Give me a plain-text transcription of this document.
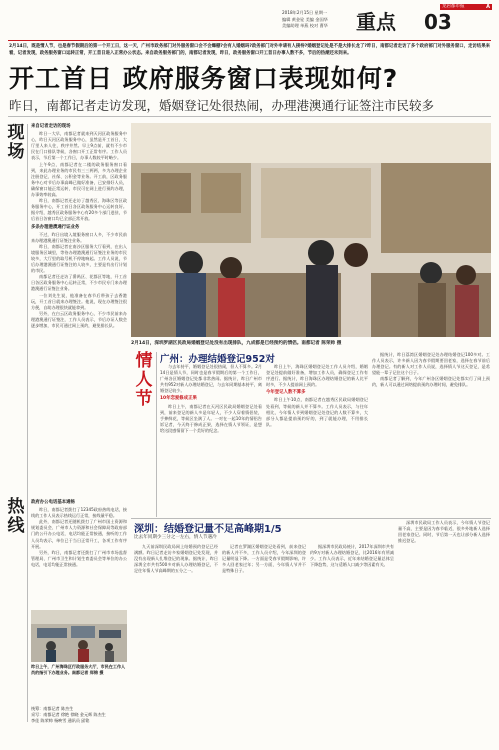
龙岩都市报	A
2018年2月15日 星期一
编辑 黄金铨 美编 金国华
美编助理 单燕 校对 曹华 重点 03
2月14日，既是情人节，也是春节假期后的第一个开工日，这一天，广州市政务部门对外服务窗口会不会爆棚?会有人婚姻吗?政务部门对外申请有人接待?婚姻登记处是不是大排长龙了?昨日，南都记者走访了多个政府部门对外服务窗口，走访结果来看，记者发现，政务服务窗口运转正常，开工首日进入正常办公状态。来自政务服务部门的，南都记者发现，昨日，政务服务窗口开工首日办事人数不多，节后的热潮还未到来。
开工首日 政府服务窗口表现如何?
昨日，南都记者走访发现，婚姻登记处很热闹，办理港澳通行证签注市民较多
现场
来自记者走访的现场

昨日一大早，南都记者就来到天河区政务服务中心，昨日天河区政务服务中心，虽然是开工首日，大厅里人来人往，秩序井然。早上9点前，就有不少市民在门口排队等候，各窗口开工正常有序。工作人员表示，节后第一个工作日，办事人数较平时略少。

上午9点，南都记者在二楼的政务服务窗口看到，来此办理业务的市民有三三两两，多为办理企业注册登记、社保、公积金等业务。开工前，区政务服务中心对节后办事高峰已做好准备，已安排好人员，确保窗口能正常运转，市民可在网上进行预约办理，办事效率较高。

昨日，南都记者还走访了越秀区、海珠区等区政务服务中心，开工首日各区政务服务中心运转良好。据介绍，越秀区政务服务中心有20多个部门进驻，节后首日各窗口均已全部正常开放。

多条办理港澳通行证业务

不过，昨日出境入境服务窗口人多，不少市民前来办理港澳通行证签注业务。

昨日，南都记者在南沙区服务大厅看到，在出入境服务区域里，等待办理港澳通行证签注业务的市民较多，大厅里的取号机不停地响起。工作人员说，节后办理港澳通行证签注的人较多，主要是有出行计划的市民。

南都记者还走访了番禺区、花都区等地，开工首日各区政务服务中心运转正常，不少市民专门来办理港澳通行证签注业务。

一位刘先生说，他准备在春节后带孩子去香港玩，开工首日就来办理签注。他说，现在办理签注很方便，自助办理很快就能拿到。

另外，在白云区政务服务中心，不少市民前来办理港澳通行证签注，工作人员表示，节后办证人数会逐步增加，市民可通过网上预约，避免排长队。

热线
政府办公电话基本通畅

昨日，南都记者拨打了12345政府热线电话，接线的工作人员表示热线运行正常，接线量平稳。

此外，南都记者还随机拨打了广州市国土资源和规划委员会、广州市人力资源和社会保障局等政府部门的公开办公电话，电话均能正常接通，接听的工作人员均表示，单位已于当日正常开工，各项工作有序开展。

另外，昨日，南都记者还拨打了广州市市场监督管理局、广州市卫生和计划生育委员会等单位的办公电话，电话均能正常接通。

昨日上午，广州海珠区行政服务大厅，市民在工作人员的指引下办理业务。南都记者 郑锦 摄
统筹：南都记者 陈杰生
采写：南都记者 徐艳 徐晓 金元辉 陈杰生
李佳 陈荣帅 杨映雪 通讯员 邱铭
2月14日，深圳罗湖区民政局婚姻登记处没有出现排队，九成都是已经预约的情侣。南都记者 陈荣帅 摄
情人节
广州：办理结婚登记952对

与去年持平，婚姻登记处很热闹，但人不算多。2月14日是情人节，同时也是春节假期后的第一个工作日，广州各区婚姻登记处都非常热闹。据统计，昨日广州市共有952对新人办理结婚登记，与去年同期基本持平，离婚登记较少。

10年恋爱修成正果

昨日上午，南都记者在天河区民政局婚姻登记处看到，前来登记的新人多是年轻人，不少人穿着情侣装，手捧鲜花，等候区坐满了人。一对在一起10年的情侣告诉记者，今天终于修成正果，选择在情人节领证，是想给这段感情留下一个美好的纪念。

昨日上午，海珠区婚姻登记处工作人员介绍，婚姻登记处提前做好准备，增加工作人员，确保登记工作有序进行。据统计，昨日海珠区办理结婚登记的新人比平时多，不少人提前网上预约。

今年登记人数不算多

昨日上午10点，南都记者在越秀区民政局婚姻登记处看到，等候的新人并不算多。工作人员表示，与往年相比，今年情人节到婚姻登记处登记的人数不算多，大部分人都是提前预约好的，到了就能办理，不用排长队。

据统计，昨日荔湾区婚姻登记处办理结婚登记100多对。工作人员表示，许多新人因为春节假期要回老家，选择在春节前后办理登记。有的新人对工作人员说，选择情人节这天登记，是希望能一辈子记住这个日子。

南都记者了解到，今年广州各区婚姻登记处都实行了网上预约，新人可以通过网络提前预约办理时间，避免排队。

深圳：结婚登记量不足高峰期1/5
比去年同期少三分之一左右，情人节遇冷

九天前深圳民政局网上结婚预约登记已经满额。昨日记者走访多家婚姻登记处发现，并没有出现新人扎堆登记的现象。据统计，昨日深圳全市共有500多对新人办理结婚登记，不足往年情人节高峰期的五分之一。

记者在罗湖区婚姻登记处看到，前来登记的新人并不多，工作人员介绍，今年深圳的登记量明显下降。一方面是受春节假期影响，许多人回老家过年；另一方面，今年情人节并不是特殊日子。

据深圳市民政局统计，2017年深圳市共有约9万对新人办理结婚登记，比2016年有所减少。工作人员表示，近年来结婚登记量总体呈下降趋势，这与适婚人口减少等因素有关。

深圳市民政局工作人员表示，今年情人节登记量不高，主要是因为春节临近，很多外地新人选择回老家登记。同时，节后第一天也让部分新人选择推迟登记。
